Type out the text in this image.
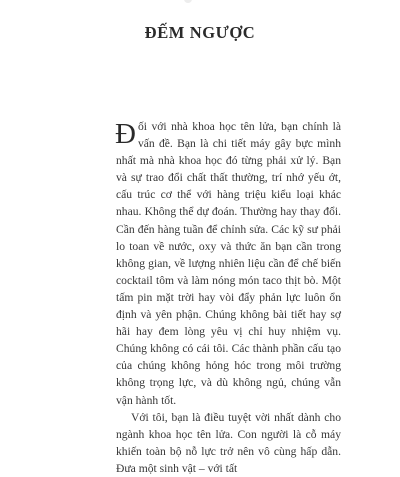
ĐẾM NGƯỢC

Đối với nhà khoa học tên lửa, bạn chính là vấn đề. Bạn là chi tiết máy gây bực mình nhất mà nhà khoa học đó từng phải xử lý. Bạn và sự trao đổi chất thất thường, trí nhớ yếu ớt, cấu trúc cơ thể với hàng triệu kiểu loại khác nhau. Không thể dự đoán. Thường hay thay đổi. Cần đến hàng tuần để chỉnh sửa. Các kỹ sư phải lo toan về nước, oxy và thức ăn bạn cần trong không gian, về lượng nhiên liệu cần để chế biến cocktail tôm và làm nóng món taco thịt bò. Một tấm pin mặt trời hay vòi đẩy phản lực luôn ổn định và yên phận. Chúng không bài tiết hay sợ hãi hay đem lòng yêu vị chỉ huy nhiệm vụ. Chúng không có cái tôi. Các thành phần cấu tạo của chúng không hỏng hóc trong môi trường không trọng lực, và dù không ngủ, chúng vẫn vận hành tốt.

Với tôi, bạn là điều tuyệt vời nhất dành cho ngành khoa học tên lửa. Con người là cỗ máy khiến toàn bộ nỗ lực trở nên vô cùng hấp dẫn. Đưa một sinh vật – với tất
